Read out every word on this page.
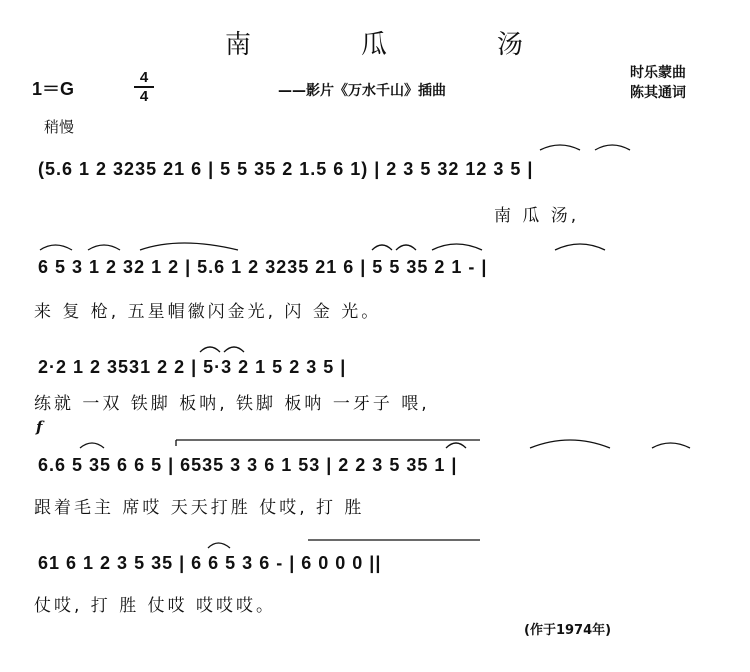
南　瓜　汤
1＝G
4
4	——影片《万水千山》插曲
时乐蒙曲
陈其通词
稍慢
(5.6 1 2 3235 21 6 | 5 5 35 2 1.5 6 1) | 2 3 5 32 12 3 5 |
南 瓜 汤,
6 5 3 1 2 32 1 2 | 5.6 1 2 3235 21 6 | 5 5 35 2 1 - |
来 复 枪, 五星帽徽闪金光, 闪 金 光。
2·2 1 2 3531 2 2 | 5·3 2 1 5 2 3 5 |
练就 一双 铁脚 板呐, 铁脚 板呐 一牙子 喂,
f
6.6 5 35 6 6 5 | 6535 3 3 6 1 53 | 2 2 3 5 35 1 |
跟着毛主 席哎 天天打胜 仗哎, 打 胜
61 6 1 2 3 5 35 | 6 6 5 3 6 - | 6 0 0 0 ||
仗哎, 打 胜 仗哎 哎哎哎。
(作于1974年)
